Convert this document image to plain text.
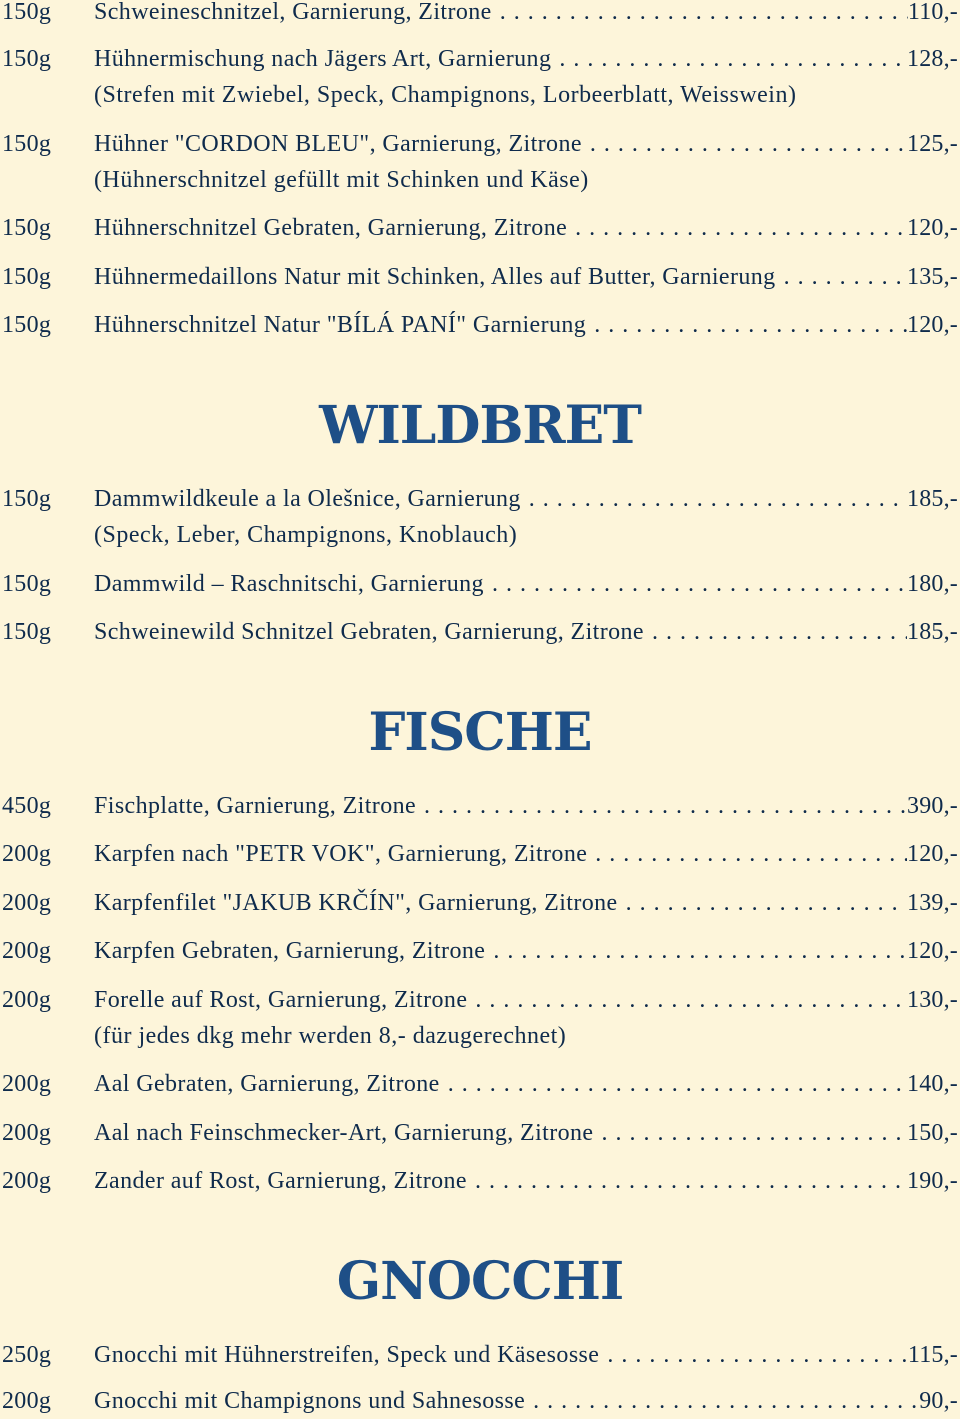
150g Schweineschnitzel, Garnierung, Zitrone . . .	110,-
150g Hühnermischung nach Jägers Art, Garnierung . . .	128,-
(Strefen mit Zwiebel, Speck, Champignons, Lorbeerblatt, Weisswein)
150g Hühner "CORDON BLEU", Garnierung, Zitrone . . .	125,-
(Hühnerschnitzel gefüllt mit Schinken und Käse)
150g Hühnerschnitzel Gebraten, Garnierung, Zitrone . . .	120,-
150g Hühnermedaillons Natur mit Schinken, Alles auf Butter, Garnierung . . .	135,-
150g Hühnerschnitzel Natur "BÍLÁ PANÍ" Garnierung . . .	120,-
WILDBRET
150g Dammwildkeule a la Olešnice, Garnierung . . .	185,-
(Speck, Leber, Champignons, Knoblauch)
150g Dammwild – Raschnitschi, Garnierung . . .	180,-
150g Schweinewild Schnitzel Gebraten, Garnierung, Zitrone . . .	185,-
FISCHE
450g Fischplatte, Garnierung, Zitrone . . .	390,-
200g Karpfen nach "PETR VOK", Garnierung, Zitrone . . .	120,-
200g Karpfenfilet "JAKUB KRČÍN", Garnierung, Zitrone . . .	139,-
200g Karpfen Gebraten, Garnierung, Zitrone . . .	120,-
200g Forelle auf Rost, Garnierung, Zitrone . . .	130,-
(für jedes dkg mehr werden 8,- dazugerechnet)
200g Aal Gebraten, Garnierung, Zitrone . . .	140,-
200g Aal nach Feinschmecker-Art, Garnierung, Zitrone . . .	150,-
200g Zander auf Rost, Garnierung, Zitrone . . .	190,-
GNOCCHI
250g Gnocchi mit Hühnerstreifen, Speck und Käsesosse . . .	115,-
200g Gnocchi mit Champignons und Sahnesosse . . .	90,-
